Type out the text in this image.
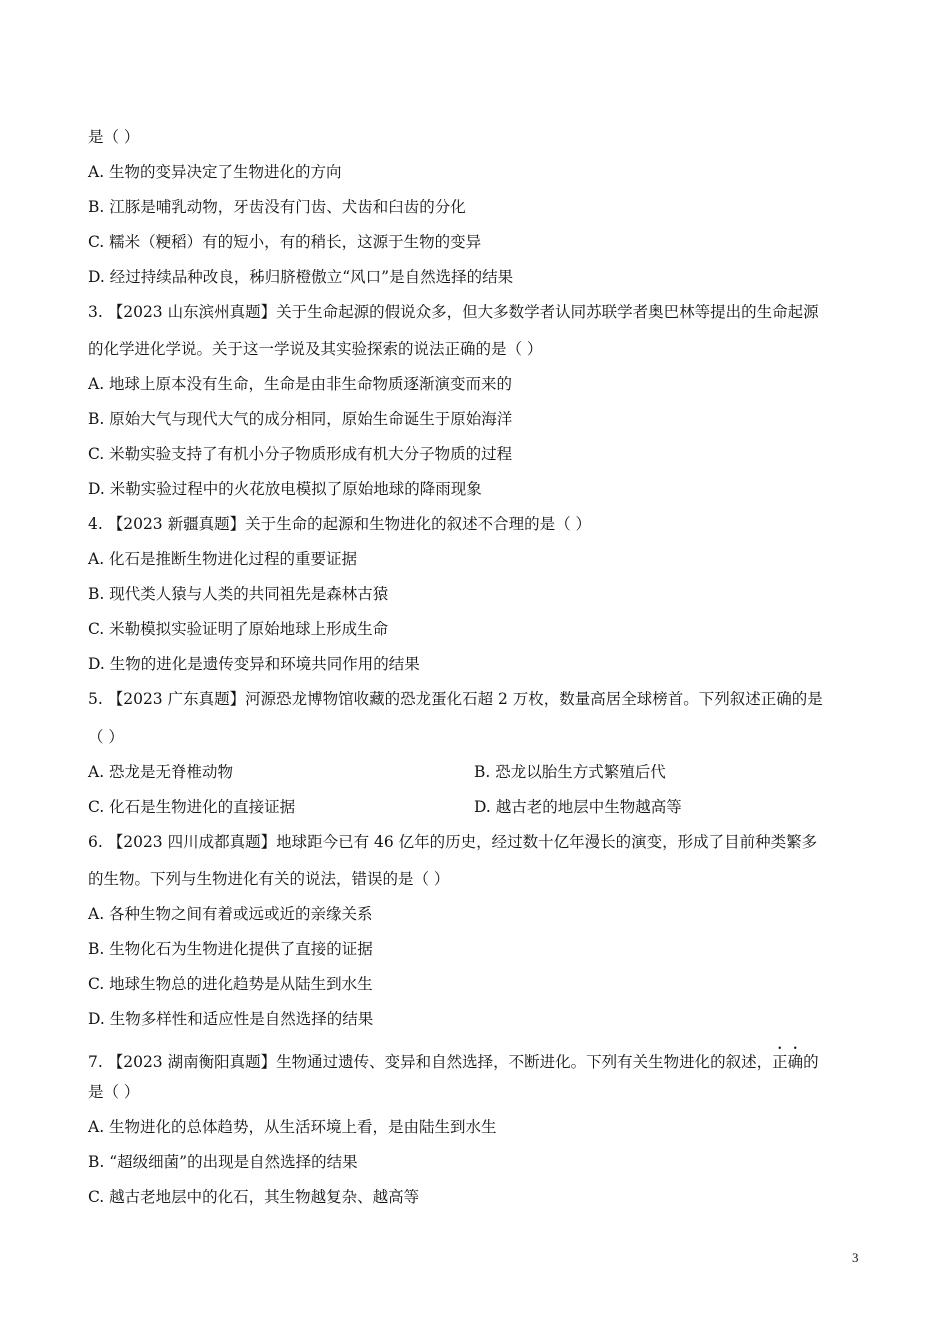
是（ ）
A. 生物的变异决定了生物进化的方向
B. 江豚是哺乳动物，牙齿没有门齿、犬齿和臼齿的分化
C. 糯米（粳稻）有的短小，有的稍长，这源于生物的变异
D. 经过持续品种改良，秭归脐橙傲立“风口”是自然选择的结果
3. 【2023 山东滨州真题】关于生命起源的假说众多，但大多数学者认同苏联学者奥巴林等提出的生命起源
的化学进化学说。关于这一学说及其实验探索的说法正确的是（ ）
A. 地球上原本没有生命，生命是由非生命物质逐渐演变而来的
B. 原始大气与现代大气的成分相同，原始生命诞生于原始海洋
C. 米勒实验支持了有机小分子物质形成有机大分子物质的过程
D. 米勒实验过程中的火花放电模拟了原始地球的降雨现象
4. 【2023 新疆真题】关于生命的起源和生物进化的叙述不合理的是（ ）
A. 化石是推断生物进化过程的重要证据
B. 现代类人猿与人类的共同祖先是森林古猿
C. 米勒模拟实验证明了原始地球上形成生命
D. 生物的进化是遗传变异和环境共同作用的结果
5. 【2023 广东真题】河源恐龙博物馆收藏的恐龙蛋化石超 2 万枚，数量高居全球榜首。下列叙述正确的是
（ ）
A. 恐龙是无脊椎动物	B. 恐龙以胎生方式繁殖后代
C. 化石是生物进化的直接证据	D. 越古老的地层中生物越高等
6. 【2023 四川成都真题】地球距今已有 46 亿年的历史，经过数十亿年漫长的演变，形成了目前种类繁多
的生物。下列与生物进化有关的说法，错误的是（ ）
A. 各种生物之间有着或远或近的亲缘关系
B. 生物化石为生物进化提供了直接的证据
C. 地球生物总的进化趋势是从陆生到水生
D. 生物多样性和适应性是自然选择的结果
7. 【2023 湖南衡阳真题】生物通过遗传、变异和自然选择，不断进化。下列有关生物进化的叙述，正确的
是（ ）
A. 生物进化的总体趋势，从生活环境上看，是由陆生到水生
B. “超级细菌”的出现是自然选择的结果
C. 越古老地层中的化石，其生物越复杂、越高等
3
